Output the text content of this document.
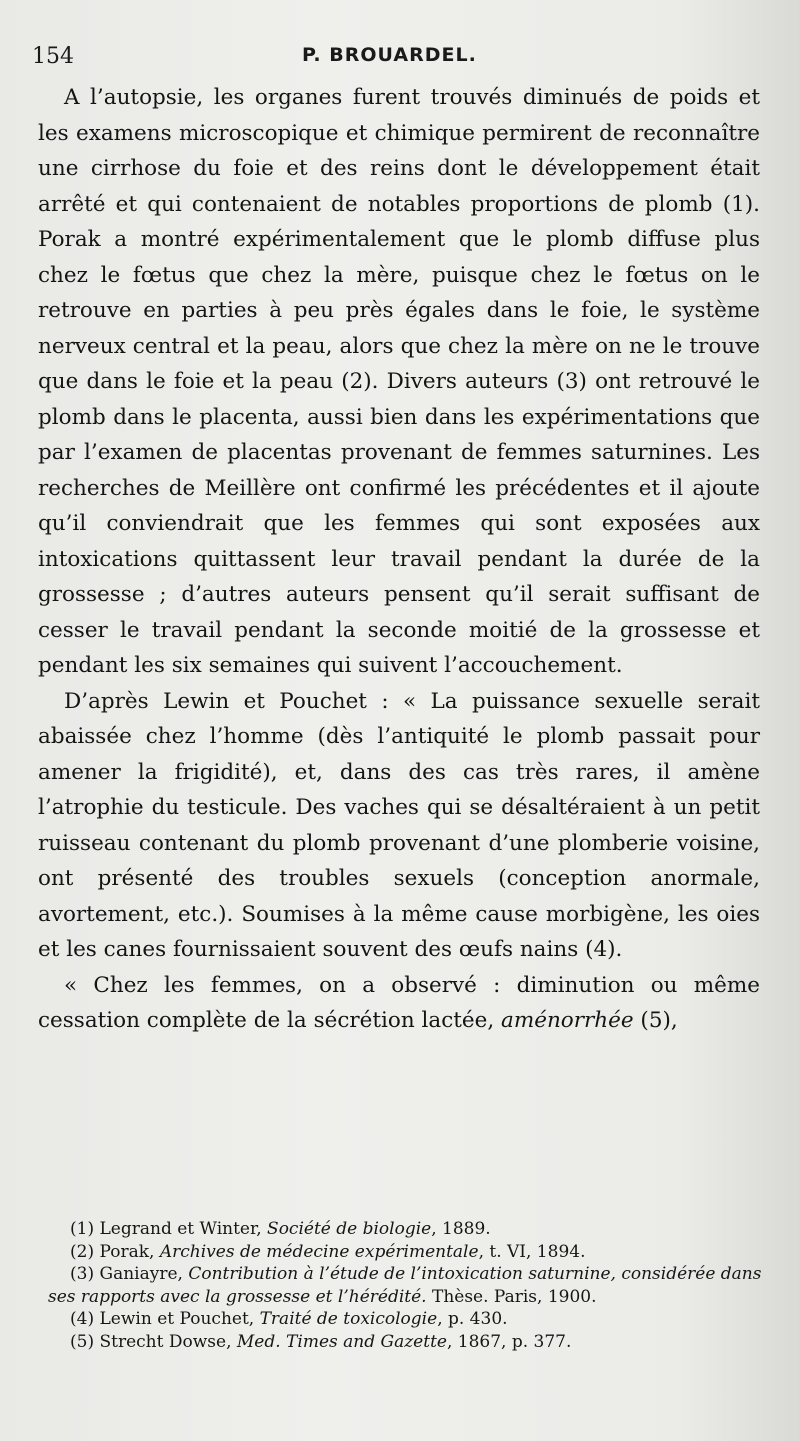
154	P. BROUARDEL.

A l’autopsie, les organes furent trouvés diminués de poids et les examens microscopique et chimique permirent de reconnaître une cirrhose du foie et des reins dont le développement était arrêté et qui contenaient de notables proportions de plomb (1). Porak a montré expérimentalement que le plomb diffuse plus chez le fœtus que chez la mère, puisque chez le fœtus on le retrouve en parties à peu près égales dans le foie, le système nerveux central et la peau, alors que chez la mère on ne le trouve que dans le foie et la peau (2). Divers auteurs (3) ont retrouvé le plomb dans le placenta, aussi bien dans les expérimentations que par l’examen de placentas provenant de femmes saturnines. Les recherches de Meillère ont confirmé les précédentes et il ajoute qu’il conviendrait que les femmes qui sont exposées aux intoxications quittassent leur travail pendant la durée de la grossesse ; d’autres auteurs pensent qu’il serait suffisant de cesser le travail pendant la seconde moitié de la grossesse et pendant les six semaines qui suivent l’accouchement.

D’après Lewin et Pouchet : « La puissance sexuelle serait abaissée chez l’homme (dès l’antiquité le plomb passait pour amener la frigidité), et, dans des cas très rares, il amène l’atrophie du testicule. Des vaches qui se désaltéraient à un petit ruisseau contenant du plomb provenant d’une plomberie voisine, ont présenté des troubles sexuels (conception anormale, avortement, etc.). Soumises à la même cause morbigène, les oies et les canes fournissaient souvent des œufs nains (4).

« Chez les femmes, on a observé : diminution ou même cessation complète de la sécrétion lactée, aménorrhée (5),

(1) Legrand et Winter, Société de biologie, 1889.

(2) Porak, Archives de médecine expérimentale, t. VI, 1894.

(3) Ganiayre, Contribution à l’étude de l’intoxication saturnine, considérée dans ses rapports avec la grossesse et l’hérédité. Thèse. Paris, 1900.

(4) Lewin et Pouchet, Traité de toxicologie, p. 430.

(5) Strecht Dowse, Med. Times and Gazette, 1867, p. 377.
